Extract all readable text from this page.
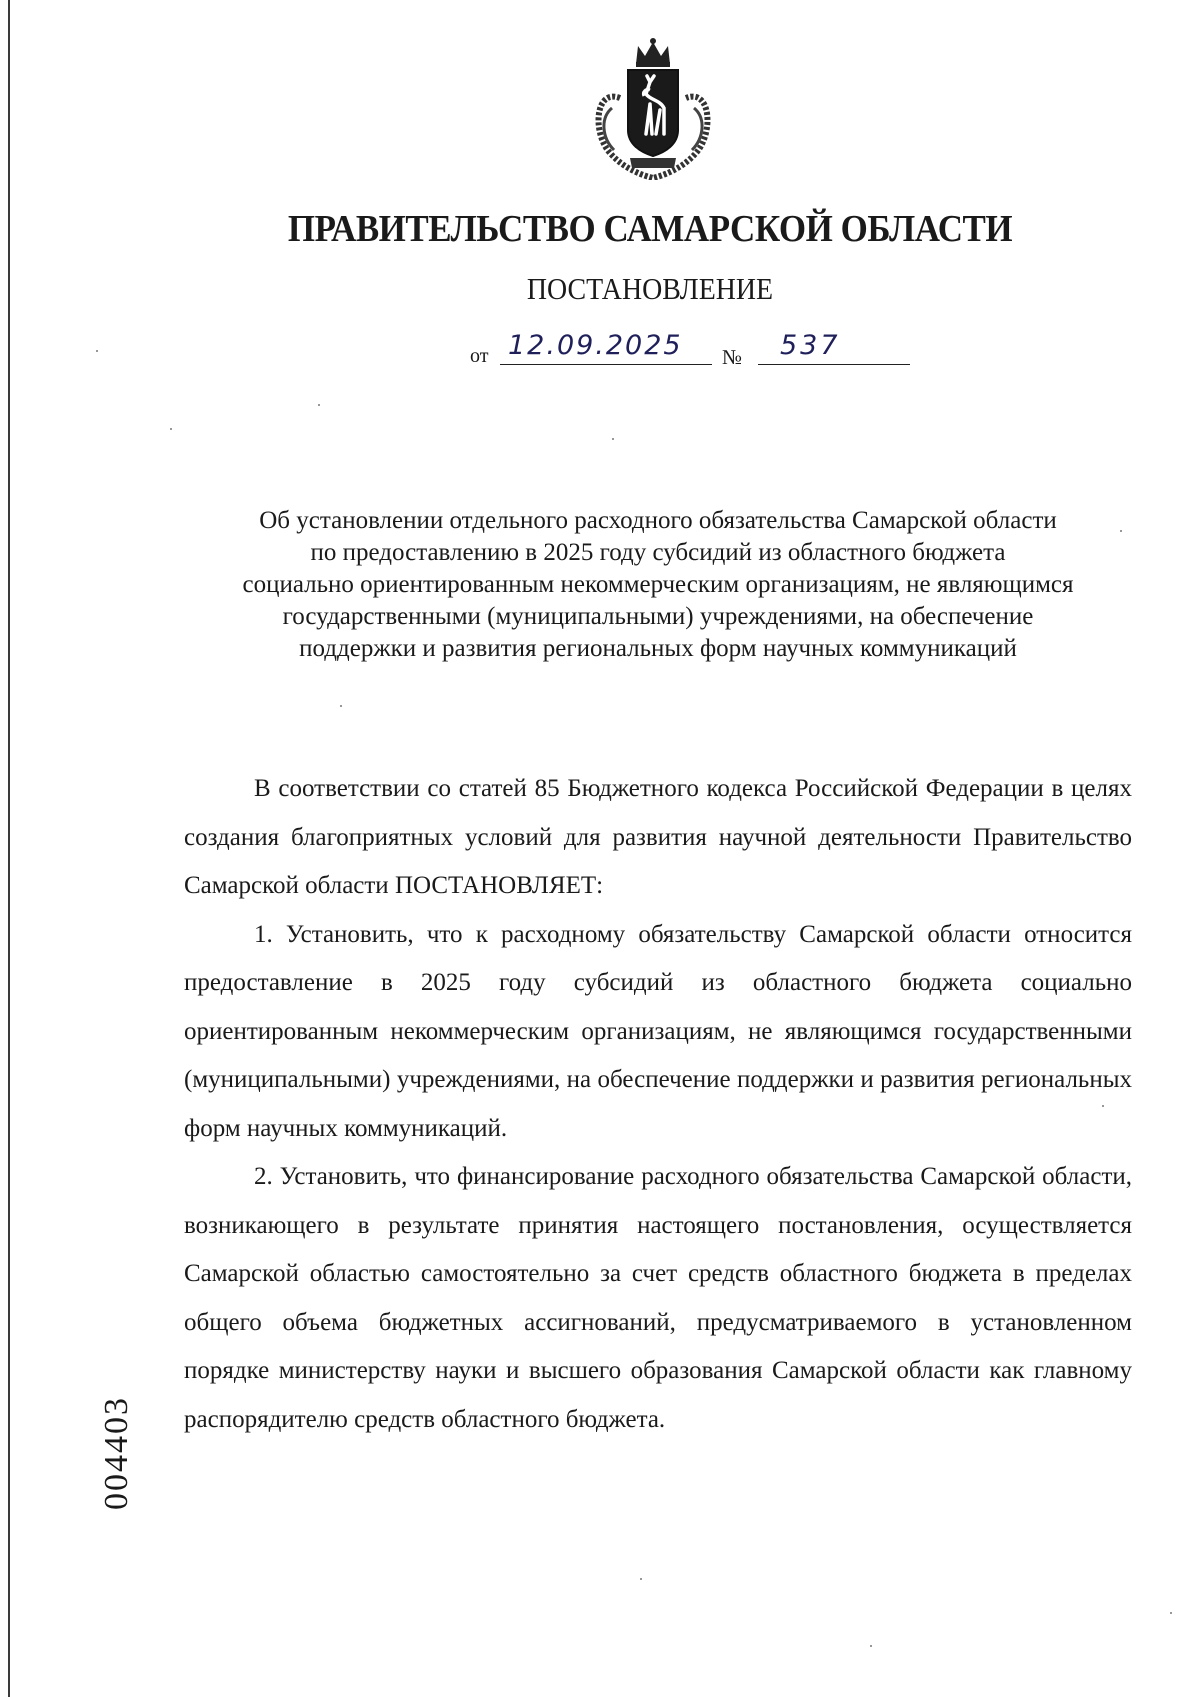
ПРАВИТЕЛЬСТВО САМАРСКОЙ ОБЛАСТИ
ПОСТАНОВЛЕНИЕ
от 12.09.2025 № 537
Об установлении отдельного расходного обязательства Самарской области
по предоставлению в 2025 году субсидий из областного бюджета
социально ориентированным некоммерческим организациям, не являющимся
государственными (муниципальными) учреждениями, на обеспечение
поддержки и развития региональных форм научных коммуникаций

В соответствии со статей 85 Бюджетного кодекса Российской Федерации в целях создания благоприятных условий для развития научной деятельности Правительство Самарской области ПОСТАНОВЛЯЕТ:

1. Установить, что к расходному обязательству Самарской области относится предоставление в 2025 году субсидий из областного бюджета социально ориентированным некоммерческим организациям, не являющимся государственными (муниципальными) учреждениями, на обеспечение поддержки и развития региональных форм научных коммуникаций.

2. Установить, что финансирование расходного обязательства Самарской области, возникающего в результате принятия настоящего постановления, осуществляется Самарской областью самостоятельно за счет средств областного бюджета в пределах общего объема бюджетных ассигнований, предусматриваемого в установленном порядке министерству науки и высшего образования Самарской области как главному распорядителю средств областного бюджета.

004403
